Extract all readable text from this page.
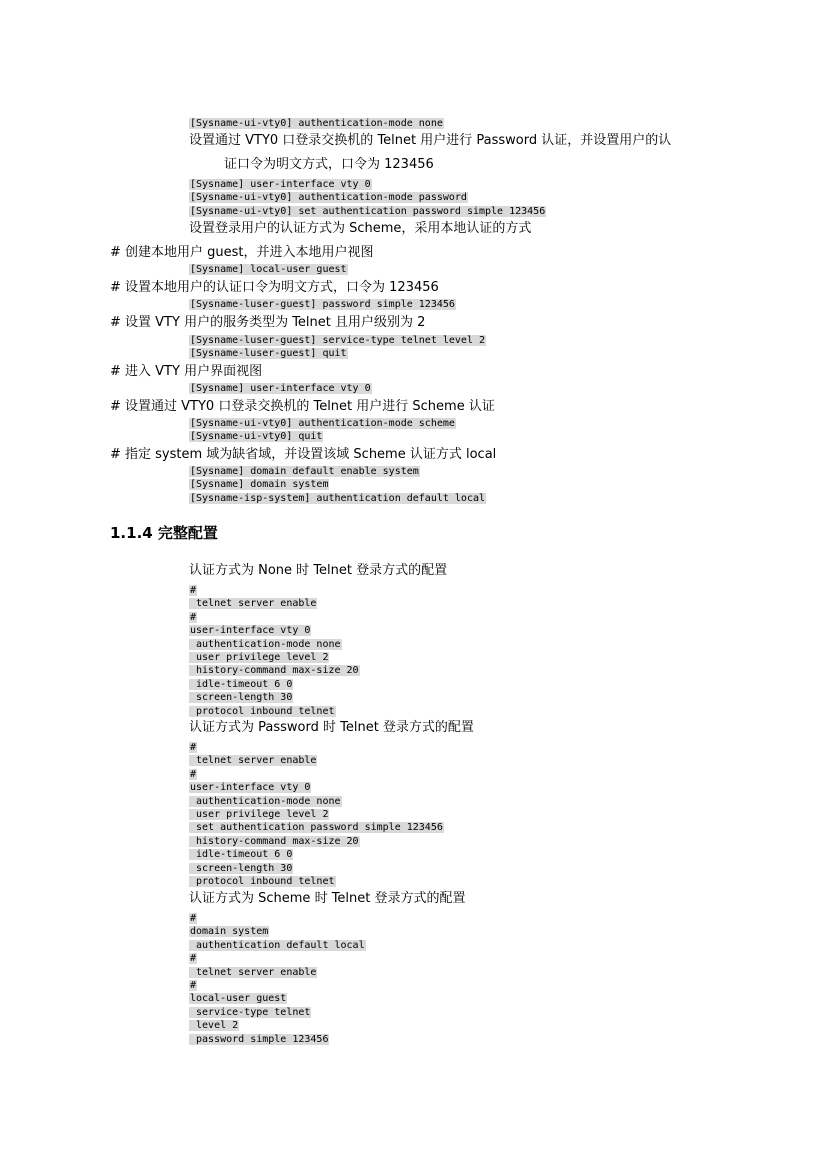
[Sysname-ui-vty0] authentication-mode none

设置通过 VTY0 口登录交换机的 Telnet 用户进行 Password 认证，并设置用户的认

证口令为明文方式，口令为 123456

[Sysname] user-interface vty 0
[Sysname-ui-vty0] authentication-mode password
[Sysname-ui-vty0] set authentication password simple 123456

设置登录用户的认证方式为 Scheme，采用本地认证的方式

# 创建本地用户 guest，并进入本地用户视图

[Sysname] local-user guest

# 设置本地用户的认证口令为明文方式，口令为 123456

[Sysname-luser-guest] password simple 123456

# 设置 VTY 用户的服务类型为 Telnet 且用户级别为 2

[Sysname-luser-guest] service-type telnet level 2
[Sysname-luser-guest] quit

# 进入 VTY 用户界面视图

[Sysname] user-interface vty 0

# 设置通过 VTY0 口登录交换机的 Telnet 用户进行 Scheme 认证

[Sysname-ui-vty0] authentication-mode scheme
[Sysname-ui-vty0] quit

# 指定 system 域为缺省域，并设置该域 Scheme 认证方式 local

[Sysname] domain default enable system
[Sysname] domain system
[Sysname-isp-system] authentication default local
1.1.4 完整配置

认证方式为 None 时 Telnet 登录方式的配置

#
telnet server enable
#
user-interface vty 0
authentication-mode none
user privilege level 2
history-command max-size 20
idle-timeout 6 0
screen-length 30
protocol inbound telnet

认证方式为 Password 时 Telnet 登录方式的配置

#
telnet server enable
#
user-interface vty 0
authentication-mode none
user privilege level 2
set authentication password simple 123456
history-command max-size 20
idle-timeout 6 0
screen-length 30
protocol inbound telnet

认证方式为 Scheme 时 Telnet 登录方式的配置

#
domain system
authentication default local
#
telnet server enable
#
local-user guest
service-type telnet
level 2
password simple 123456
